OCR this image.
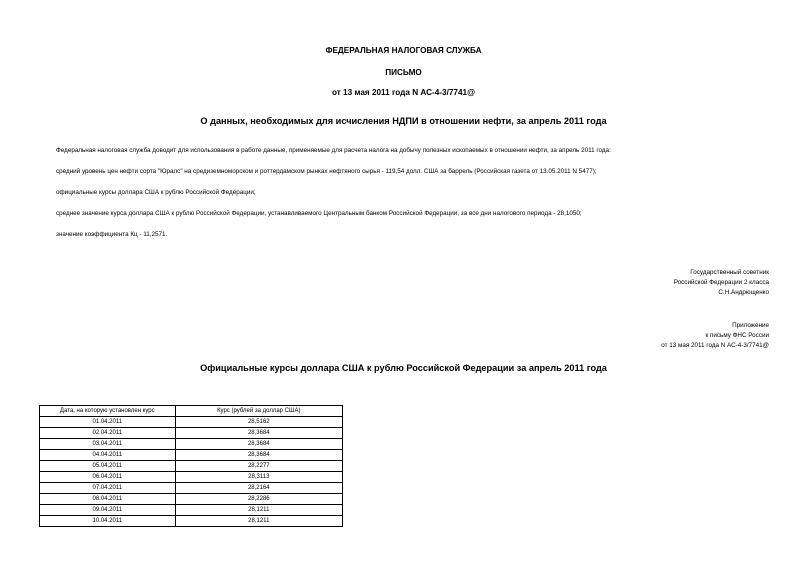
ФЕДЕРАЛЬНАЯ НАЛОГОВАЯ СЛУЖБА
ПИСЬМО
от 13 мая 2011 года N АС-4-3/7741@
О данных, необходимых для исчисления НДПИ в отношении нефти, за апрель 2011 года
Федеральная налоговая служба доводит для использования в работе данные, применяемые для расчета налога на добычу полезных ископаемых в отношении нефти, за апрель 2011 года:
средний уровень цен нефти сорта "Юралс" на средиземноморском и роттердамском рынках нефтяного сырья - 119,54 долл. США за баррель (Российская газета от 13.05.2011 N 5477);
официальные курсы доллара США к рублю Российской Федерации;
среднее значение курса доллара США к рублю Российской Федерации, устанавливаемого Центральным банком Российской Федерации, за все дни налогового периода - 28,1050;
значение коэффициента Кц - 11,2571.
Государственный советник
Российской Федерации 2 класса
С.Н.Андрющенко
Приложение
к письму ФНС России
от 13 мая 2011 года N АС-4-3/7741@
Официальные курсы доллара США к рублю Российской Федерации за апрель 2011 года
Дата, на которую установлен курс	Курс (рублей за доллар США)
01.04.2011	28,5162
02.04.2011	28,3684
03.04.2011	28,3684
04.04.2011	28,3684
05.04.2011	28,2277
06.04.2011	28,3113
07.04.2011	28,2164
08.04.2011	28,2286
09.04.2011	28,1211
10.04.2011	28,1211
